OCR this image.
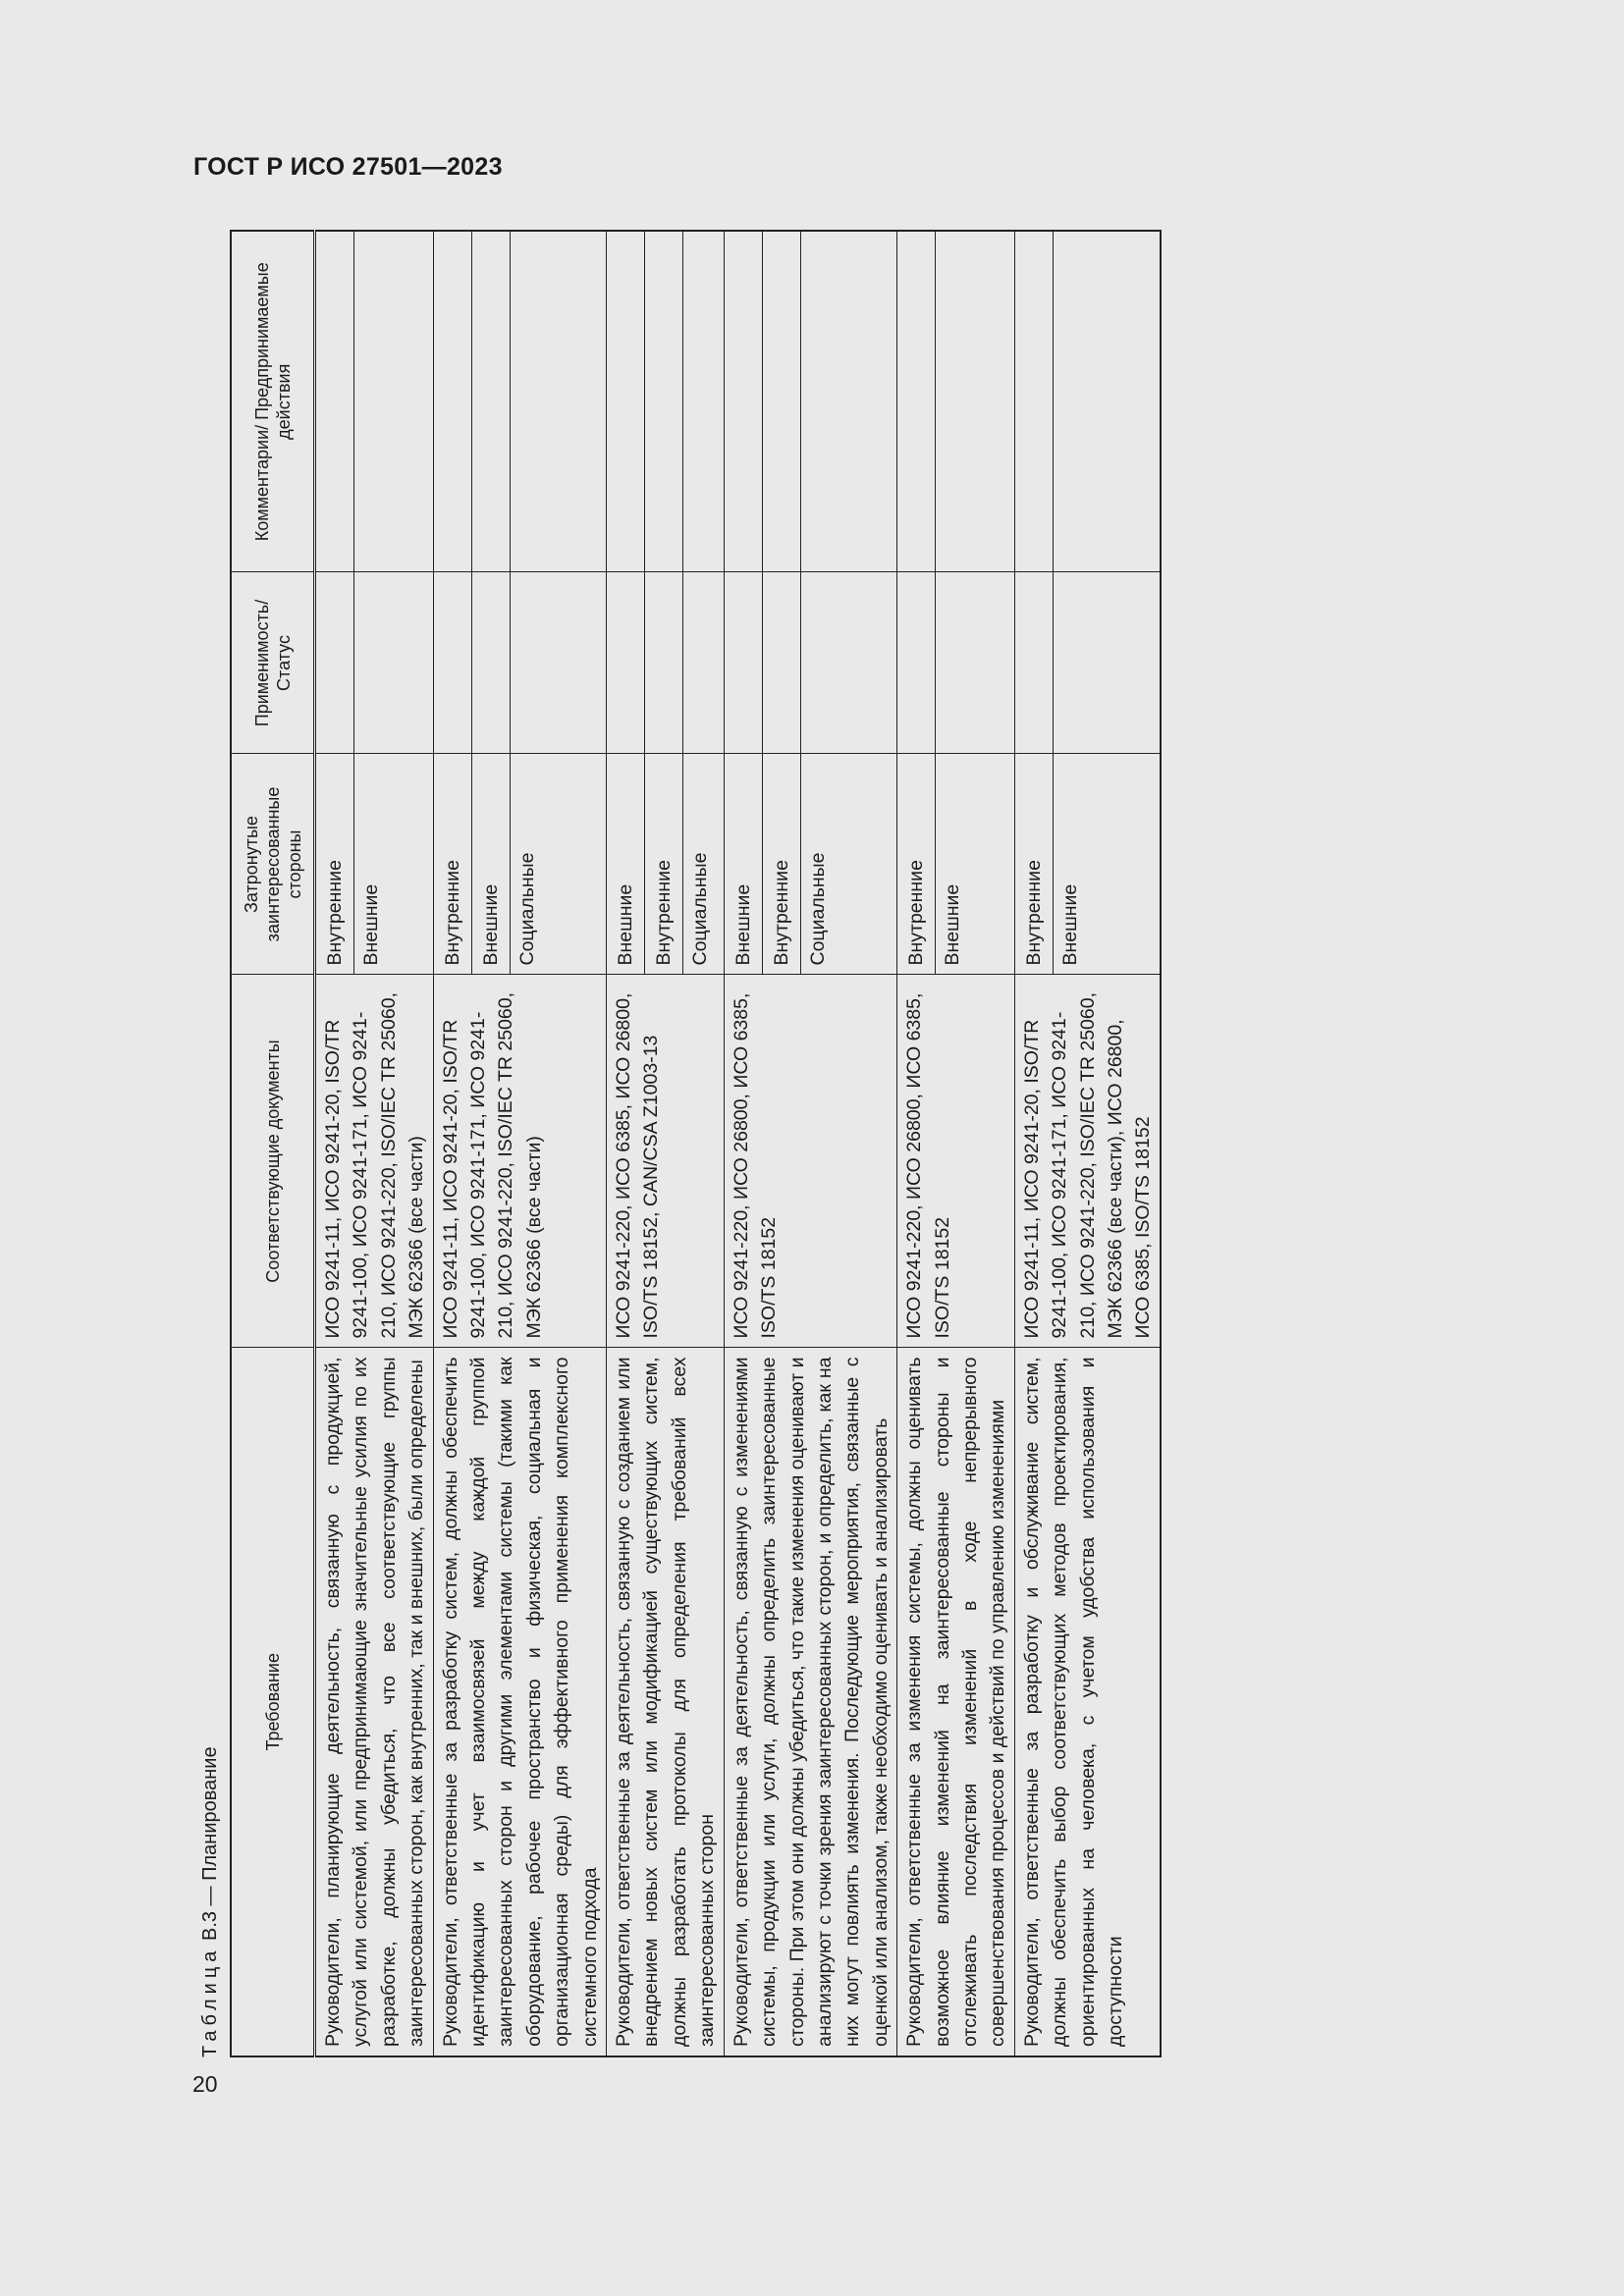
ГОСТ Р ИСО 27501—2023
Таблица В.3 — Планирование
Требование	Соответствующие документы	Затронутые заинтересованные стороны	Применимость/ Статус	Комментарии/ Предпринимаемые действия
Руководители, планирующие деятельность, связанную с продукцией, услугой или системой, или предпринимающие значительные усилия по их разработке, должны убедиться, что все соответствующие группы заинтересованных сторон, как внутренних, так и внешних, были определены	ИСО 9241-11, ИСО 9241-20, ISO/TR 9241-100, ИСО 9241-171, ИСО 9241-210, ИСО 9241-220, ISO/IEC TR 25060, МЭК 62366 (все части)	Внутренние		
		Внешние		
Руководители, ответственные за разработку систем, должны обеспечить идентификацию и учет взаимосвязей между каждой группой заинтересованных сторон и другими элементами системы (такими как оборудование, рабочее пространство и физическая, социальная и организационная среды) для эффективного применения комплексного системного подхода	ИСО 9241-11, ИСО 9241-20, ISO/TR 9241-100, ИСО 9241-171, ИСО 9241-210, ИСО 9241-220, ISO/IEC TR 25060, МЭК 62366 (все части)	Внутренние		
		Внешние		
		Социальные		
Руководители, ответственные за деятельность, связанную с созданием или внедрением новых систем или модификацией существующих систем, должны разработать протоколы для определения требований всех заинтересованных сторон	ИСО 9241-220, ИСО 6385, ИСО 26800, ISO/TS 18152, CAN/CSA Z1003-13	Внешние		
		Внутренние		
		Социальные		
Руководители, ответственные за деятельность, связанную с изменениями системы, продукции или услуги, должны определить заинтересованные стороны. При этом они должны убедиться, что такие изменения оценивают и анализируют с точки зрения заинтересованных сторон, и определить, как на них могут повлиять изменения. Последующие мероприятия, связанные с оценкой или анализом, также необходимо оценивать и анализировать	ИСО 9241-220, ИСО 26800, ИСО 6385, ISO/TS 18152	Внешние		
		Внутренние		
		Социальные		
Руководители, ответственные за изменения системы, должны оценивать возможное влияние изменений на заинтересованные стороны и отслеживать последствия изменений в ходе непрерывного совершенствования процессов и действий по управлению изменениями	ИСО 9241-220, ИСО 26800, ИСО 6385, ISO/TS 18152	Внутренние		
		Внешние		
Руководители, ответственные за разработку и обслуживание систем, должны обеспечить выбор соответствующих методов проектирования, ориентированных на человека, с учетом удобства использования и доступности	ИСО 9241-11, ИСО 9241-20, ISO/TR 9241-100, ИСО 9241-171, ИСО 9241-210, ИСО 9241-220, ISO/IEC TR 25060, МЭК 62366 (все части), ИСО 26800, ИСО 6385, ISO/TS 18152	Внутренние		
		Внешние		
20
